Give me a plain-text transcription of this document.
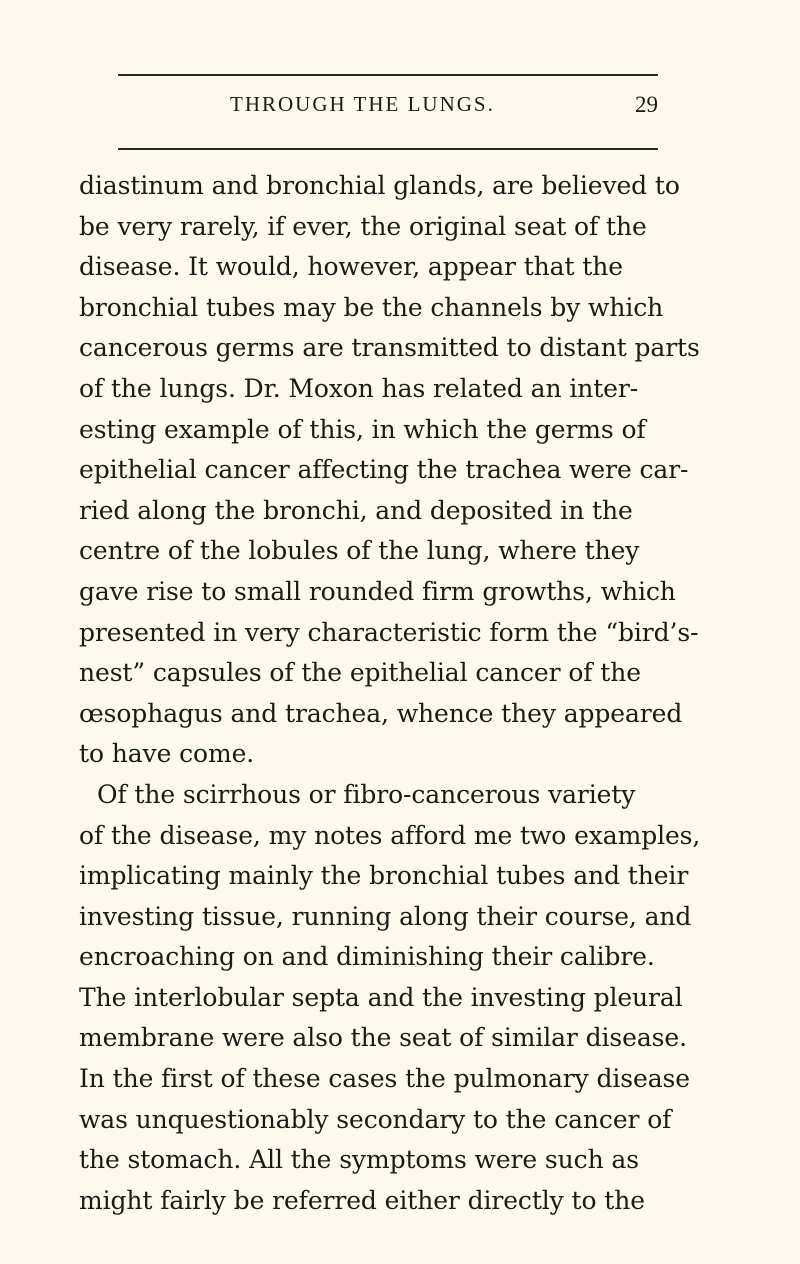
THROUGH THE LUNGS.	29
diastinum and bronchial glands, are believed to
be very rarely, if ever, the original seat of the
disease. It would, however, appear that the
bronchial tubes may be the channels by which
cancerous germs are transmitted to distant parts
of the lungs. Dr. Moxon has related an inter-
esting example of this, in which the germs of
epithelial cancer affecting the trachea were car-
ried along the bronchi, and deposited in the
centre of the lobules of the lung, where they
gave rise to small rounded firm growths, which
presented in very characteristic form the “bird’s-
nest” capsules of the epithelial cancer of the
œsophagus and trachea, whence they appeared
to have come.
Of the scirrhous or fibro-cancerous variety
of the disease, my notes afford me two examples,
implicating mainly the bronchial tubes and their
investing tissue, running along their course, and
encroaching on and diminishing their calibre.
The interlobular septa and the investing pleural
membrane were also the seat of similar disease.
In the first of these cases the pulmonary disease
was unquestionably secondary to the cancer of
the stomach. All the symptoms were such as
might fairly be referred either directly to the
